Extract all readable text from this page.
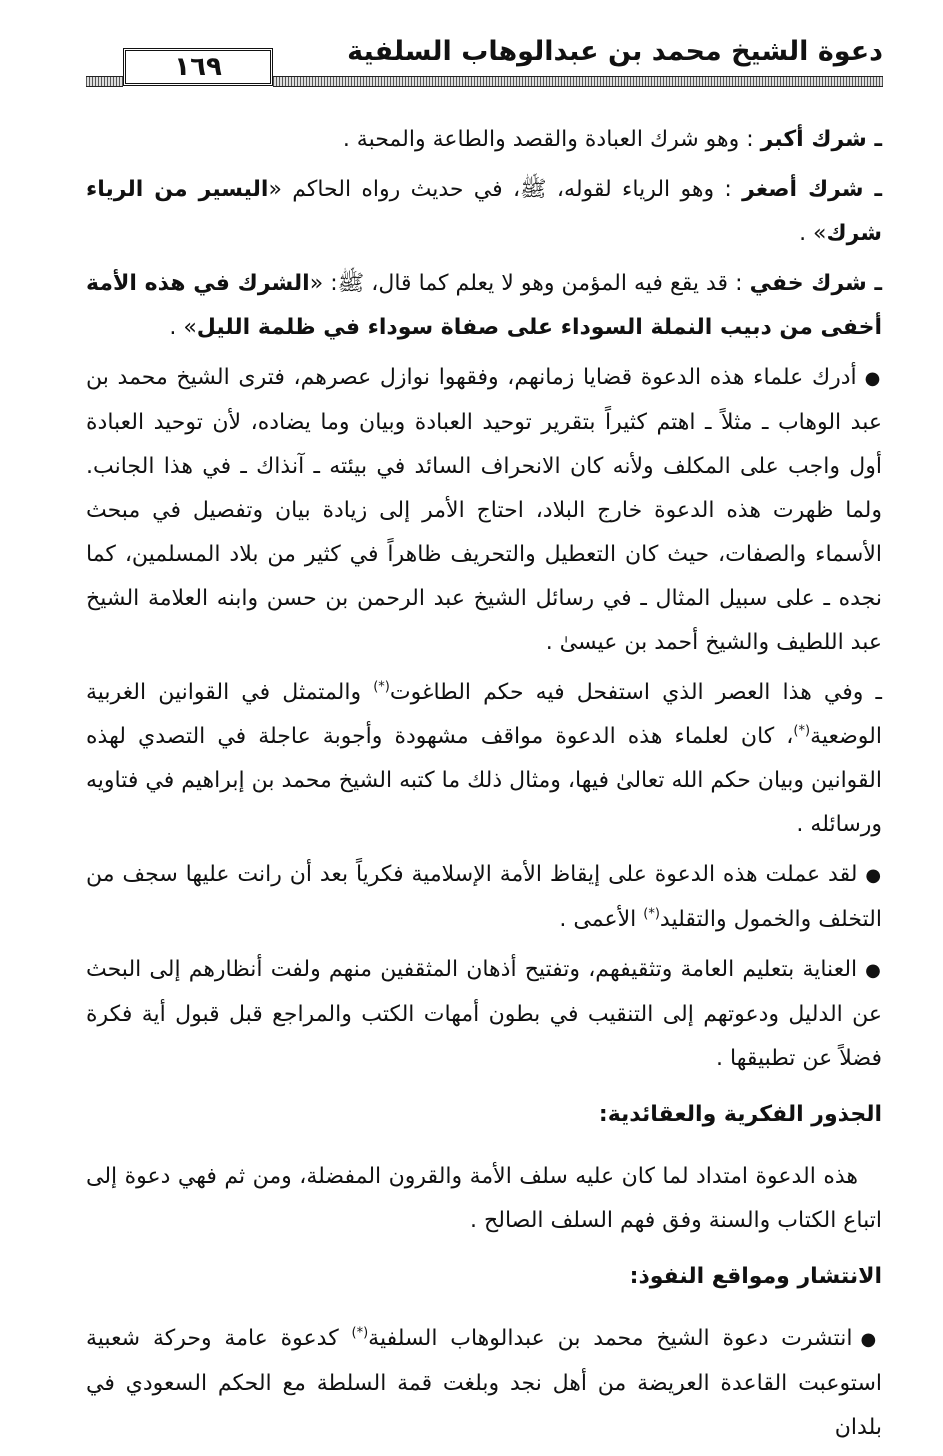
دعوة الشيخ محمد بن عبدالوهاب السلفية
١٦٩

ـ شرك أكبر : وهو شرك العبادة والقصد والطاعة والمحبة .

ـ شرك أصغر : وهو الرياء لقوله، ﷺ، في حديث رواه الحاكم «اليسير من الرياء شرك» .

ـ شرك خفي : قد يقع فيه المؤمن وهو لا يعلم كما قال، ﷺ: «الشرك في هذه الأمة أخفى من دبيب النملة السوداء على صفاة سوداء في ظلمة الليل» .

●أدرك علماء هذه الدعوة قضايا زمانهم، وفقهوا نوازل عصرهم، فترى الشيخ محمد بن عبد الوهاب ـ مثلاً ـ اهتم كثيراً بتقرير توحيد العبادة وبيان وما يضاده، لأن توحيد العبادة أول واجب على المكلف ولأنه كان الانحراف السائد في بيئته ـ آنذاك ـ في هذا الجانب. ولما ظهرت هذه الدعوة خارج البلاد، احتاج الأمر إلى زيادة بيان وتفصيل في مبحث الأسماء والصفات، حيث كان التعطيل والتحريف ظاهراً في كثير من بلاد المسلمين، كما نجده ـ على سبيل المثال ـ في رسائل الشيخ عبد الرحمن بن حسن وابنه العلامة الشيخ عبد اللطيف والشيخ أحمد بن عيسىٰ .

ـ وفي هذا العصر الذي استفحل فيه حكم الطاغوت(*) والمتمثل في القوانين الغربية الوضعية(*)، كان لعلماء هذه الدعوة مواقف مشهودة وأجوبة عاجلة في التصدي لهذه القوانين وبيان حكم الله تعالىٰ فيها، ومثال ذلك ما كتبه الشيخ محمد بن إبراهيم في فتاويه ورسائله .

●لقد عملت هذه الدعوة على إيقاظ الأمة الإسلامية فكرياً بعد أن رانت عليها سجف من التخلف والخمول والتقليد(*) الأعمى .

●العناية بتعليم العامة وتثقيفهم، وتفتيح أذهان المثقفين منهم ولفت أنظارهم إلى البحث عن الدليل ودعوتهم إلى التنقيب في بطون أمهات الكتب والمراجع قبل قبول أية فكرة فضلاً عن تطبيقها .

الجذور الفكرية والعقائدية:

هذه الدعوة امتداد لما كان عليه سلف الأمة والقرون المفضلة، ومن ثم فهي دعوة إلى اتباع الكتاب والسنة وفق فهم السلف الصالح .

الانتشار ومواقع النفوذ:

●انتشرت دعوة الشيخ محمد بن عبدالوهاب السلفية(*) كدعوة عامة وحركة شعبية استوعبت القاعدة العريضة من أهل نجد وبلغت قمة السلطة مع الحكم السعودي في بلدان
